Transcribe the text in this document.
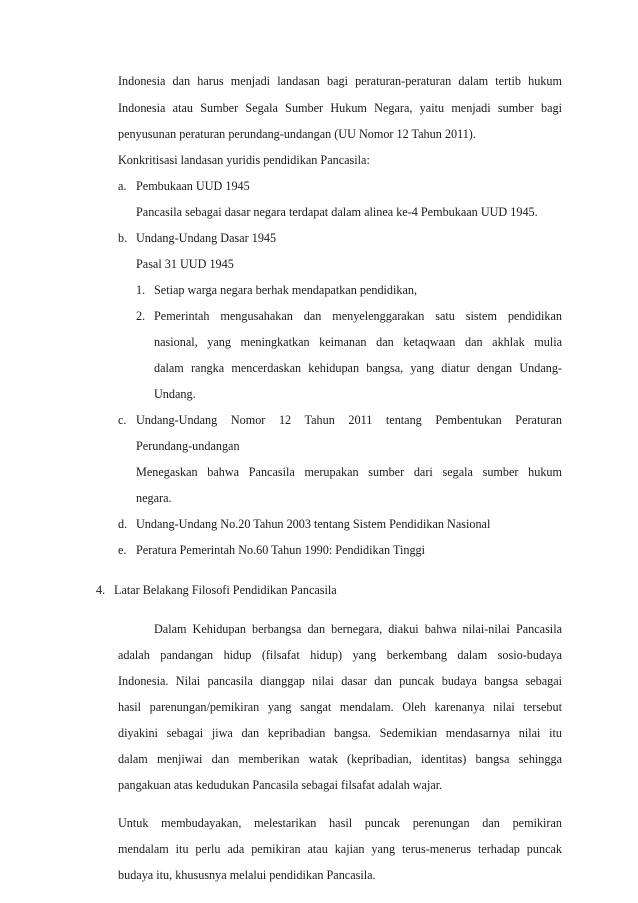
Indonesia dan harus menjadi landasan bagi peraturan-peraturan dalam tertib hukum
Indonesia atau Sumber Segala Sumber Hukum Negara, yaitu menjadi sumber bagi
penyusunan peraturan perundang-undangan (UU Nomor 12 Tahun 2011).
Konkritisasi landasan yuridis pendidikan Pancasila:
a. Pembukaan UUD 1945
Pancasila sebagai dasar negara terdapat dalam alinea ke-4 Pembukaan UUD 1945.
b. Undang-Undang Dasar 1945
Pasal 31 UUD 1945
1. Setiap warga negara berhak mendapatkan pendidikan,
2. Pemerintah mengusahakan dan menyelenggarakan satu sistem pendidikan
nasional, yang meningkatkan keimanan dan ketaqwaan dan akhlak mulia
dalam rangka mencerdaskan kehidupan bangsa, yang diatur dengan Undang-
Undang.
c. Undang-Undang Nomor 12 Tahun 2011 tentang Pembentukan Peraturan
Perundang-undangan
Menegaskan bahwa Pancasila merupakan sumber dari segala sumber hukum
negara.
d. Undang-Undang No.20 Tahun 2003 tentang Sistem Pendidikan Nasional
e. Peratura Pemerintah No.60 Tahun 1990: Pendidikan Tinggi
4. Latar Belakang Filosofi Pendidikan Pancasila
Dalam Kehidupan berbangsa dan bernegara, diakui bahwa nilai-nilai Pancasila
adalah pandangan hidup (filsafat hidup) yang berkembang dalam sosio-budaya
Indonesia. Nilai pancasila dianggap nilai dasar dan puncak budaya bangsa sebagai
hasil parenungan/pemikiran yang sangat mendalam. Oleh karenanya nilai tersebut
diyakini sebagai jiwa dan kepribadian bangsa. Sedemikian mendasarnya nilai itu
dalam menjiwai dan memberikan watak (kepribadian, identitas) bangsa sehingga
pangakuan atas kedudukan Pancasila sebagai filsafat adalah wajar.
Untuk membudayakan, melestarikan hasil puncak perenungan dan pemikiran
mendalam itu perlu ada pemikiran atau kajian yang terus-menerus terhadap puncak
budaya itu, khususnya melalui pendidikan Pancasila.
